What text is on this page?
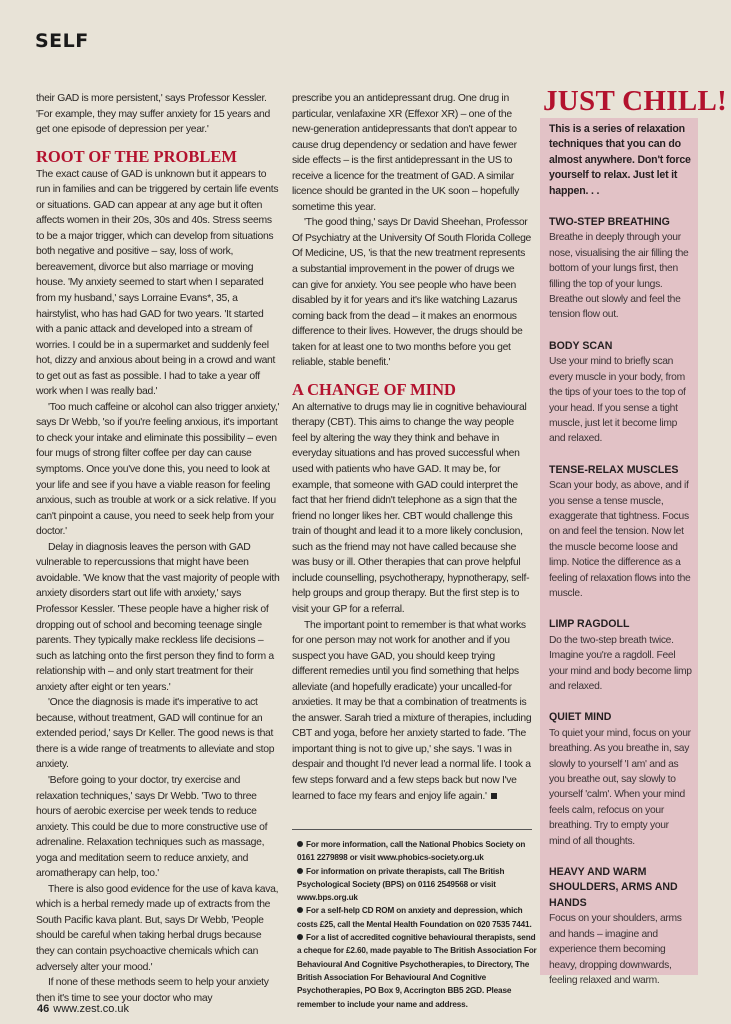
SELF

their GAD is more persistent,' says Professor Kessler. 'For example, they may suffer anxiety for 15 years and get one episode of depression per year.'

ROOT OF THE PROBLEM

The exact cause of GAD is unknown but it appears to run in families and can be triggered by certain life events or situations. GAD can appear at any age but it often affects women in their 20s, 30s and 40s. Stress seems to be a major trigger, which can develop from situations both negative and positive – say, loss of work, bereavement, divorce but also marriage or moving house. 'My anxiety seemed to start when I separated from my husband,' says Lorraine Evans*, 35, a hairstylist, who has had GAD for two years. 'It started with a panic attack and developed into a stream of worries. I could be in a supermarket and suddenly feel hot, dizzy and anxious about being in a crowd and want to get out as fast as possible. I had to take a year off work when I was really bad.'

'Too much caffeine or alcohol can also trigger anxiety,' says Dr Webb, 'so if you're feeling anxious, it's important to check your intake and eliminate this possibility – even four mugs of strong filter coffee per day can cause symptoms. Once you've done this, you need to look at your life and see if you have a viable reason for feeling anxious, such as trouble at work or a sick relative. If you can't pinpoint a cause, you need to seek help from your doctor.'

Delay in diagnosis leaves the person with GAD vulnerable to repercussions that might have been avoidable. 'We know that the vast majority of people with anxiety disorders start out life with anxiety,' says Professor Kessler. 'These people have a higher risk of dropping out of school and becoming teenage single parents. They typically make reckless life decisions – such as latching onto the first person they find to form a relationship with – and only start treatment for their anxiety after eight or ten years.'

'Once the diagnosis is made it's imperative to act because, without treatment, GAD will continue for an extended period,' says Dr Keller. The good news is that there is a wide range of treatments to alleviate and stop anxiety.

'Before going to your doctor, try exercise and relaxation techniques,' says Dr Webb. 'Two to three hours of aerobic exercise per week tends to reduce anxiety. This could be due to more constructive use of adrenaline. Relaxation techniques such as massage, yoga and meditation seem to reduce anxiety, and aromatherapy can help, too.'

There is also good evidence for the use of kava kava, which is a herbal remedy made up of extracts from the South Pacific kava plant. But, says Dr Webb, 'People should be careful when taking herbal drugs because they can contain psychoactive chemicals which can adversely alter your mood.'

If none of these methods seem to help your anxiety then it's time to see your doctor who may

prescribe you an antidepressant drug. One drug in particular, venlafaxine XR (Effexor XR) – one of the new-generation antidepressants that don't appear to cause drug dependency or sedation and have fewer side effects – is the first antidepressant in the US to receive a licence for the treatment of GAD. A similar licence should be granted in the UK soon – hopefully sometime this year.

'The good thing,' says Dr David Sheehan, Professor Of Psychiatry at the University Of South Florida College Of Medicine, US, 'is that the new treatment represents a substantial improvement in the power of drugs we can give for anxiety. You see people who have been disabled by it for years and it's like watching Lazarus coming back from the dead – it makes an enormous difference to their lives. However, the drugs should be taken for at least one to two months before you get reliable, stable benefit.'

A CHANGE OF MIND

An alternative to drugs may lie in cognitive behavioural therapy (CBT). This aims to change the way people feel by altering the way they think and behave in everyday situations and has proved successful when used with patients who have GAD. It may be, for example, that someone with GAD could interpret the fact that her friend didn't telephone as a sign that the friend no longer likes her. CBT would challenge this train of thought and lead it to a more likely conclusion, such as the friend may not have called because she was busy or ill. Other therapies that can prove helpful include counselling, psychotherapy, hypnotherapy, self-help groups and group therapy. But the first step is to visit your GP for a referral.

The important point to remember is that what works for one person may not work for another and if you suspect you have GAD, you should keep trying different remedies until you find something that helps alleviate (and hopefully eradicate) your uncalled-for anxieties. It may be that a combination of treatments is the answer. Sarah tried a mixture of therapies, including CBT and yoga, before her anxiety started to fade. 'The important thing is not to give up,' she says. 'I was in despair and thought I'd never lead a normal life. I took a few steps forward and a few steps back but now I've learned to face my fears and enjoy life again.'

For more information, call the National Phobics Society on 0161 2279898 or visit www.phobics-society.org.uk
For information on private therapists, call The British Psychological Society (BPS) on 0116 2549568 or visit www.bps.org.uk
For a self-help CD ROM on anxiety and depression, which costs £25, call the Mental Health Foundation on 020 7535 7441.
For a list of accredited cognitive behavioural therapists, send a cheque for £2.60, made payable to The British Association For Behavioural And Cognitive Psychotherapies, to Directory, The British Association For Behavioural And Cognitive Psychotherapies, PO Box 9, Accrington BB5 2GD. Please remember to include your name and address.
JUST CHILL!

This is a series of relaxation techniques that you can do almost anywhere. Don't force yourself to relax. Just let it happen. . .

TWO-STEP BREATHING

Breathe in deeply through your nose, visualising the air filling the bottom of your lungs first, then filling the top of your lungs. Breathe out slowly and feel the tension flow out.

BODY SCAN

Use your mind to briefly scan every muscle in your body, from the tips of your toes to the top of your head. If you sense a tight muscle, just let it become limp and relaxed.

TENSE-RELAX MUSCLES

Scan your body, as above, and if you sense a tense muscle, exaggerate that tightness. Focus on and feel the tension. Now let the muscle become loose and limp. Notice the difference as a feeling of relaxation flows into the muscle.

LIMP RAGDOLL

Do the two-step breath twice. Imagine you're a ragdoll. Feel your mind and body become limp and relaxed.

QUIET MIND

To quiet your mind, focus on your breathing. As you breathe in, say slowly to yourself 'I am' and as you breathe out, say slowly to yourself 'calm'. When your mind feels calm, refocus on your breathing. Try to empty your mind of all thoughts.

HEAVY AND WARM SHOULDERS, ARMS AND HANDS

Focus on your shoulders, arms and hands – imagine and experience them becoming heavy, dropping downwards, feeling relaxed and warm.

46 www.zest.co.uk
